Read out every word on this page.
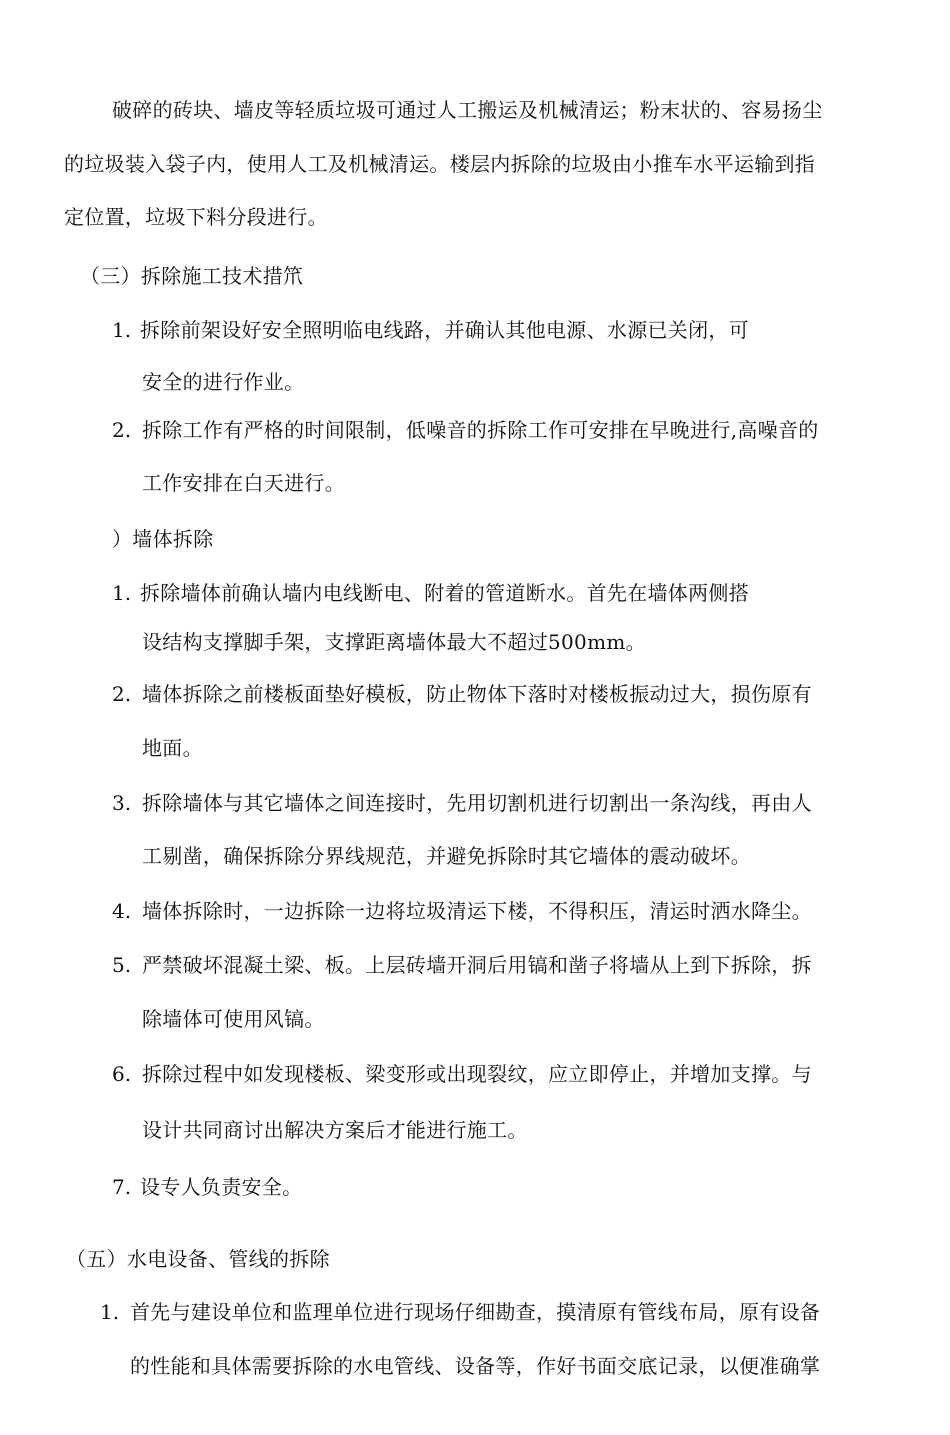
破碎的砖块、墙皮等轻质垃圾可通过人工搬运及机械清运；粉末状的、容易扬尘
的垃圾装入袋子内，使用人工及机械清运。楼层内拆除的垃圾由小推车水平运输到指
定位置，垃圾下料分段进行。
（三）拆除施工技术措笊
1. 拆除前架设好安全照明临电线路，并确认其他电源、水源已关闭，可
安全的进行作业。
2. 拆除工作有严格的时间限制，低噪音的拆除工作可安排在早晚进行,高噪音的
工作安排在白天进行。
）墙体拆除
1. 拆除墙体前确认墙内电线断电、附着的管道断水。首先在墙体两侧搭
设结构支撑脚手架，支撑距离墙体最大不超过500mm。
2. 墙体拆除之前楼板面垫好模板，防止物体下落时对楼板振动过大，损伤原有
地面。
3. 拆除墙体与其它墙体之间连接时，先用切割机进行切割出一条沟线，再由人
工剔凿，确保拆除分界线规范，并避免拆除时其它墙体的震动破坏。
4. 墙体拆除时，一边拆除一边将垃圾清运下楼，不得积压，清运时洒水降尘。
5. 严禁破坏混凝土梁、板。上层砖墙开洞后用镐和凿子将墙从上到下拆除，拆
除墙体可使用风镐。
6. 拆除过程中如发现楼板、梁变形或出现裂纹，应立即停止，并增加支撑。与
设计共同商讨出解决方案后才能进行施工。
7. 设专人负责安全。
（五）水电设备、管线的拆除
1. 首先与建设单位和监理单位进行现场仔细勘查，摸清原有管线布局，原有设备
的性能和具体需要拆除的水电管线、设备等，作好书面交底记录，以便准确掌
